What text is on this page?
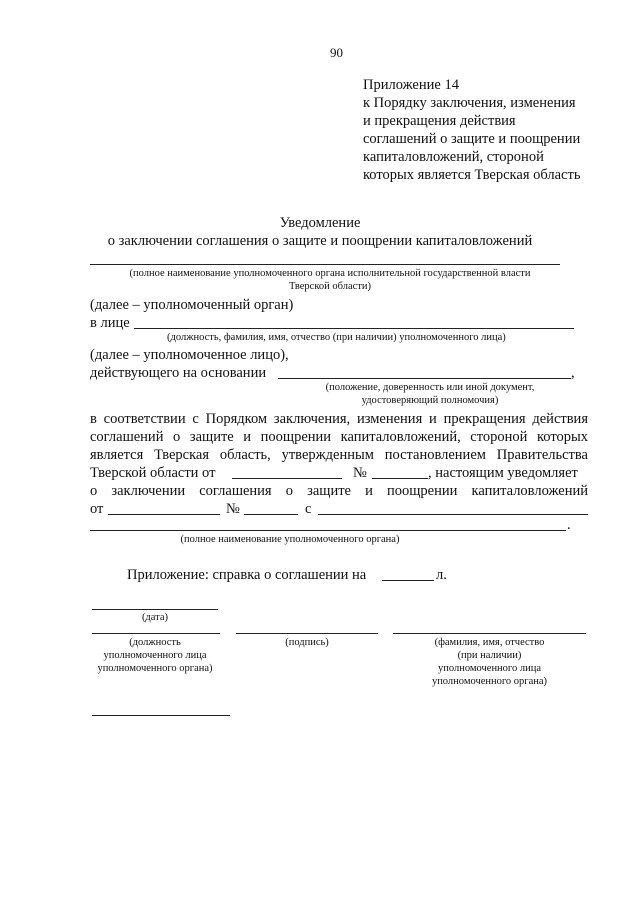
90
Приложение 14
к Порядку заключения, изменения
и прекращения действия
соглашений о защите и поощрении
капиталовложений, стороной
которых является Тверская область
Уведомление
о заключении соглашения о защите и поощрении капиталовложений
(полное наименование уполномоченного органа исполнительной государственной власти
Тверской области)
(далее – уполномоченный орган)
в лице
(должность, фамилия, имя, отчество (при наличии) уполномоченного лица)
(далее – уполномоченное лицо),
действующего на основании	,
(положение, доверенность или иной документ,
удостоверяющий полномочия)
в соответствии с Порядком заключения, изменения и прекращения действия
соглашений о защите и поощрении капиталовложений, стороной которых
является Тверская область, утвержденным постановлением Правительства
Тверской области от	№	, настоящим уведомляет
о заключении соглашения о защите и поощрении капиталовложений
от	№	с
.
(полное наименование уполномоченного органа)
Приложение: справка о соглашении на	л.
(дата)
(должность
уполномоченного лица
уполномоченного органа)
(подпись)	(фамилия, имя, отчество
(при наличии)
уполномоченного лица
уполномоченного органа)
